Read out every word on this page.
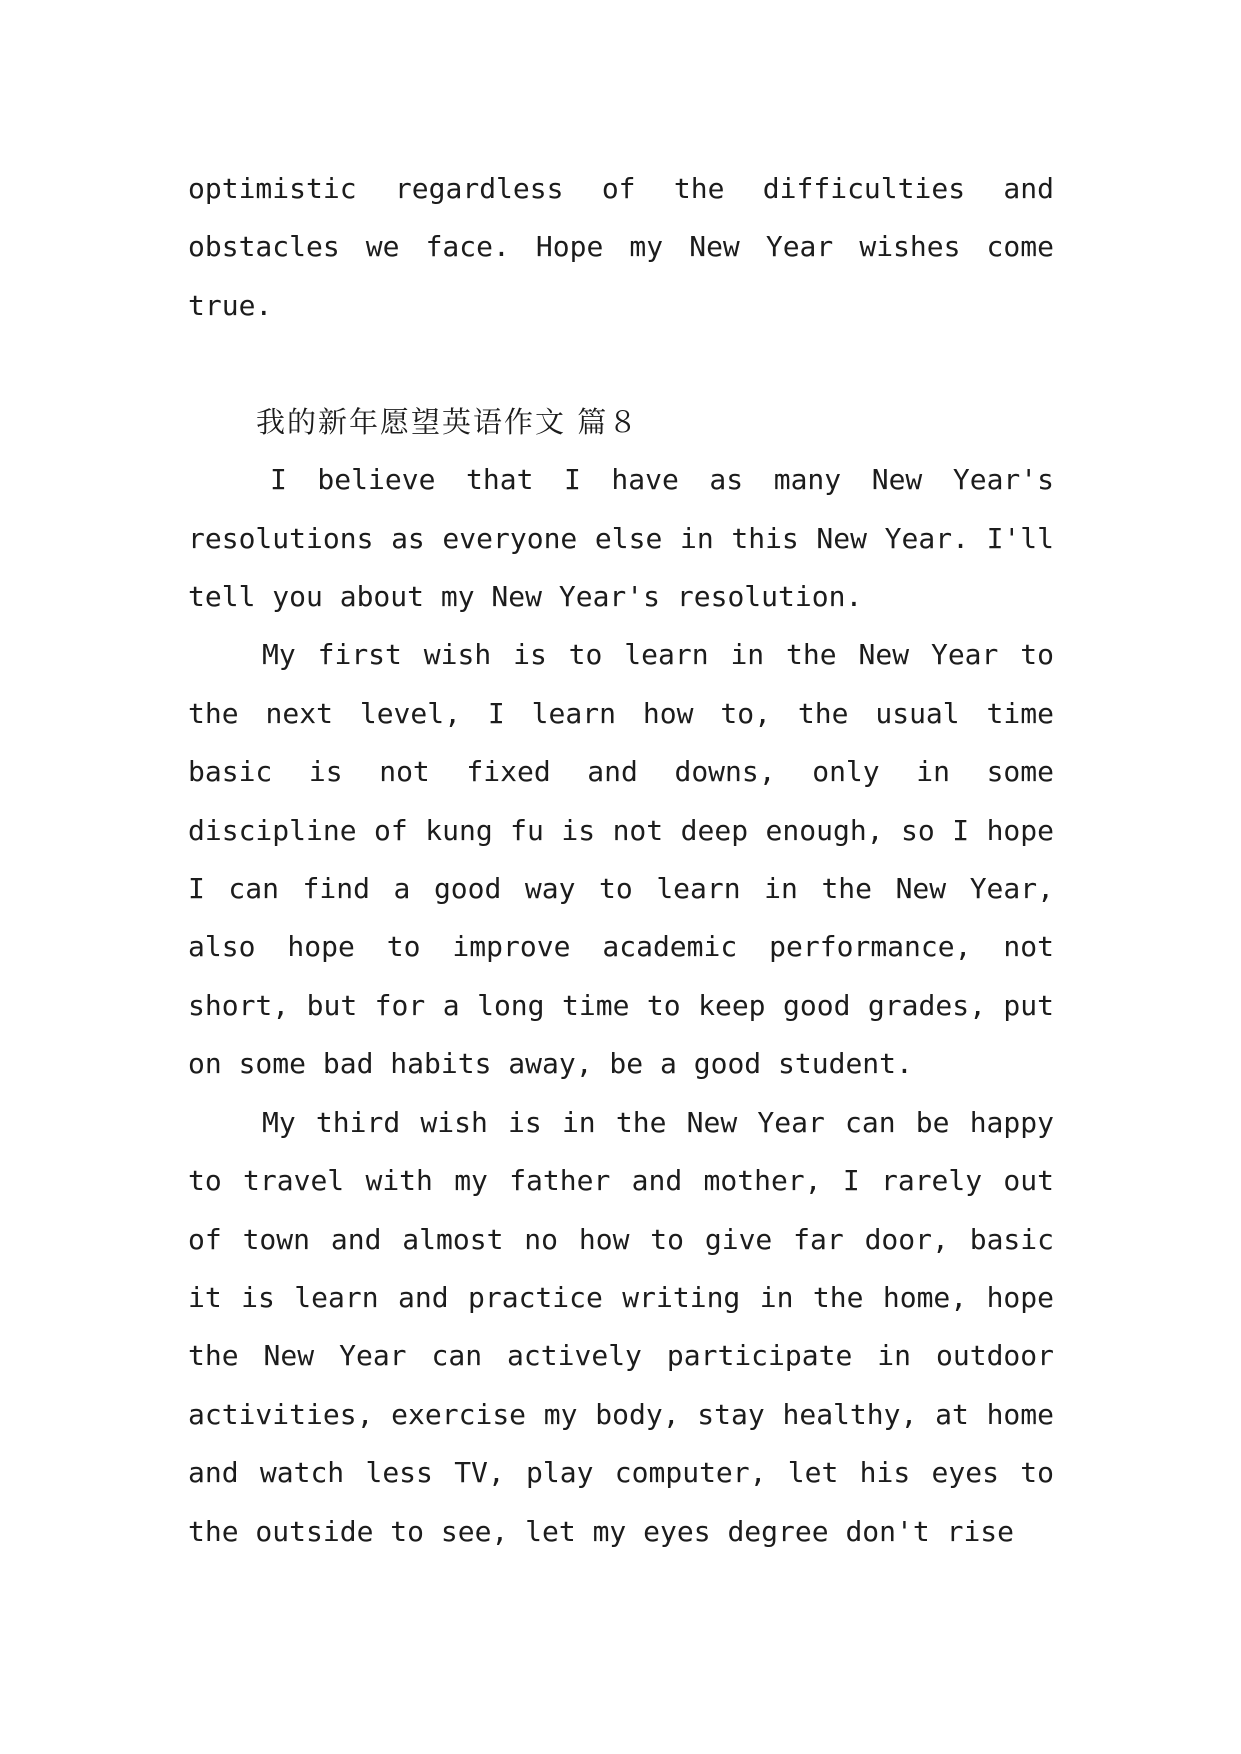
optimistic regardless of the difficulties and obstacles we face. Hope my New Year wishes come true.

我的新年愿望英语作文 篇８

I believe that I have as many New Year's resolutions as everyone else in this New Year. I'll tell you about my New Year's resolution.

My first wish is to learn in the New Year to the next level, I learn how to, the usual time basic is not fixed and downs, only in some discipline of kung fu is not deep enough, so I hope I can find a good way to learn in the New Year, also hope to improve academic performance, not short, but for a long time to keep good grades, put on some bad habits away, be a good student.

My third wish is in the New Year can be happy to travel with my father and mother, I rarely out of town and almost no how to give far door, basic it is learn and practice writing in the home, hope the New Year can actively participate in outdoor activities, exercise my body, stay healthy, at home and watch less TV, play computer, let his eyes to the outside to see, let my eyes degree don't rise
